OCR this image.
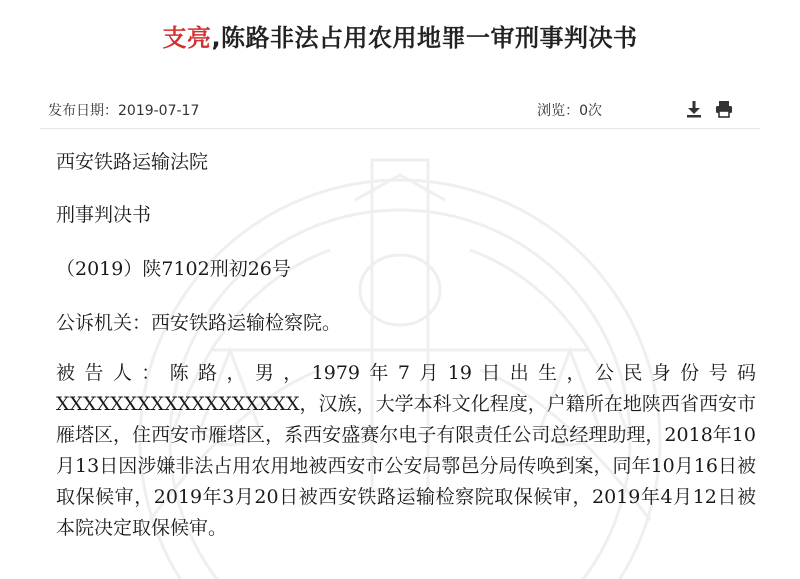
支亮,陈路非法占用农用地罪一审刑事判决书
发布日期：2019-07-17	浏览：0次

西安铁路运输法院

刑事判决书

（2019）陕7102刑初26号

公诉机关：西安铁路运输检察院。

被告人：陈路，男，1979年7月19日出生，公民身份号码XXXXXXXXXXXXXXXXXX，汉族，大学本科文化程度，户籍所在地陕西省西安市雁塔区，住西安市雁塔区，系西安盛赛尔电子有限责任公司总经理助理，2018年10月13日因涉嫌非法占用农用地被西安市公安局鄠邑分局传唤到案，同年10月16日被取保候审，2019年3月20日被西安铁路运输检察院取保候审，2019年4月12日被本院决定取保候审。
